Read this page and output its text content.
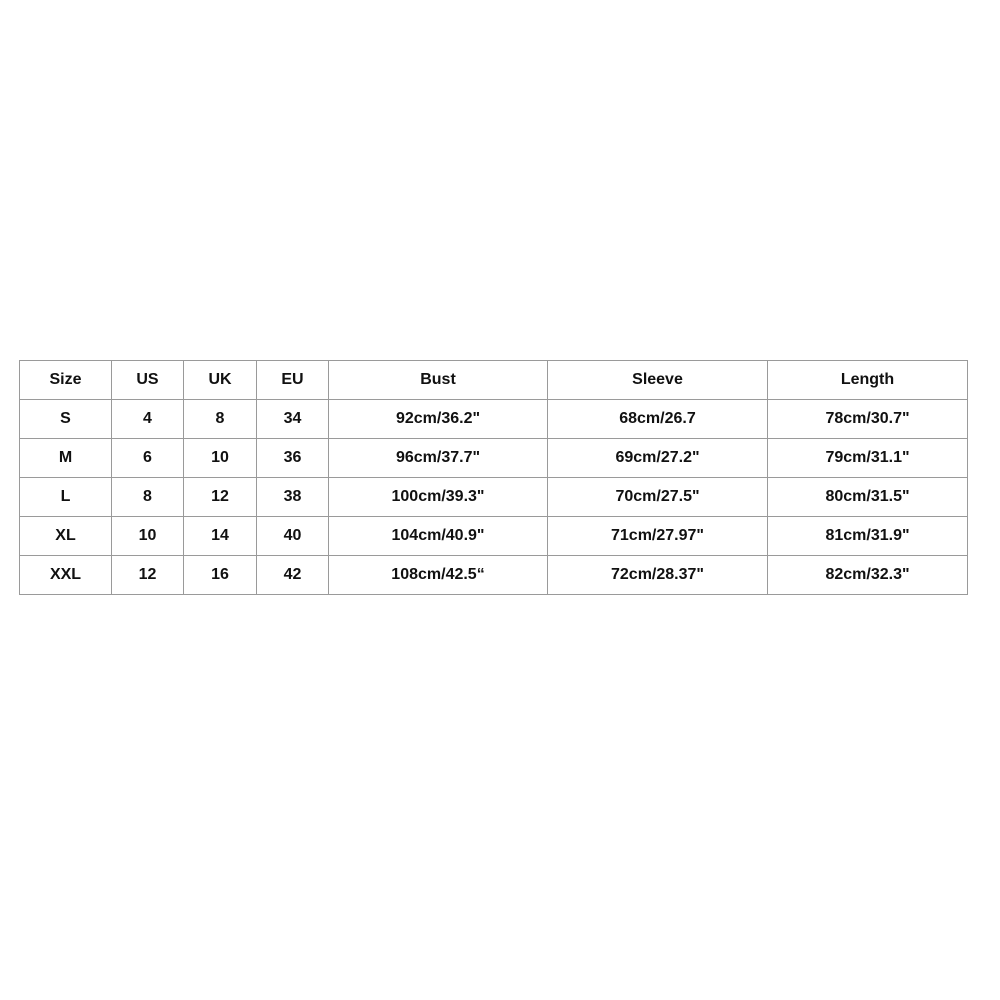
Size	US	UK	EU	Bust	Sleeve	Length
S	4	8	34	92cm/36.2"	68cm/26.7	78cm/30.7"
M	6	10	36	96cm/37.7"	69cm/27.2"	79cm/31.1"
L	8	12	38	100cm/39.3"	70cm/27.5"	80cm/31.5"
XL	10	14	40	104cm/40.9"	71cm/27.97"	81cm/31.9"
XXL	12	16	42	108cm/42.5“	72cm/28.37"	82cm/32.3"
